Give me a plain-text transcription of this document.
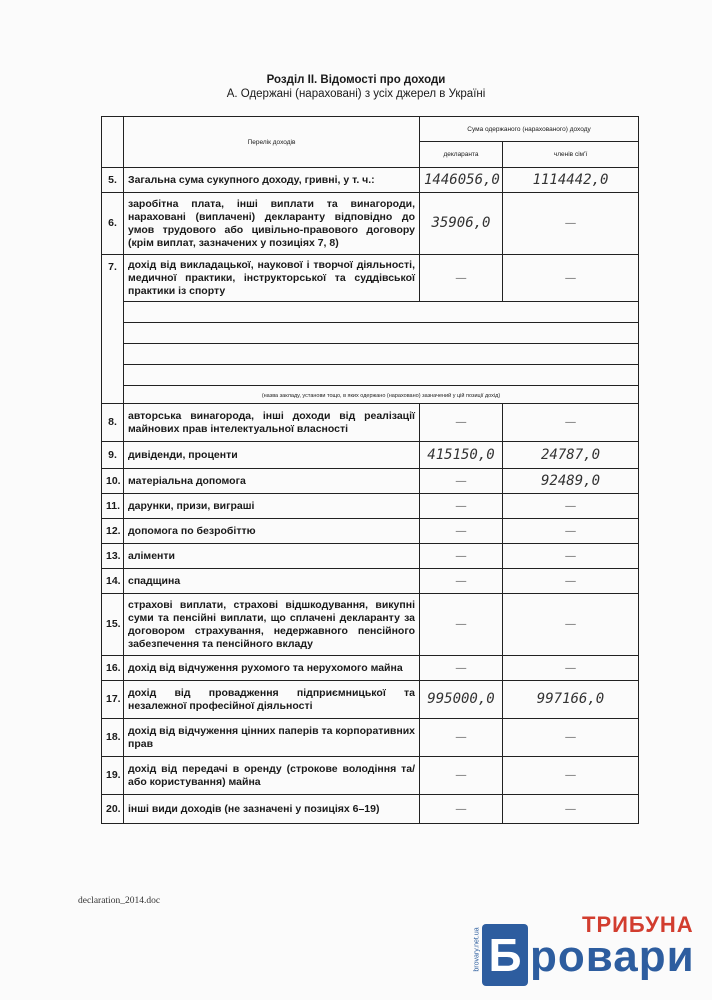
Розділ II. Відомості про доходи
А. Одержані (нараховані) з усіх джерел в Україні
	Перелік доходів	Сума одержаного (нарахованого) доходу	
		декларанта	членів сім'ї
5.	Загальна сума сукупного доходу, гривні, у т. ч.:	1446056,0	1114442,0
6.	заробітна плата, інші виплати та винагороди, нараховані (виплачені) декларанту відповідно до умов трудового або цивільно-правового договору (крім виплат, зазначених у позиціях 7, 8)	35906,0	—
7.	дохід від викладацької, наукової і творчої діяльності, медичної практики, інструкторської та суддівської практики із спорту	—	—

	(назва закладу, установи тощо, в яких одержано (нараховано) зазначений у цій позиції дохід)		
8.	авторська винагорода, інші доходи від реалізації майнових прав інтелектуальної власності	—	—
9.	дивіденди, проценти	415150,0	24787,0
10.	матеріальна допомога	—	92489,0
11.	дарунки, призи, виграші	—	—
12.	допомога по безробіттю	—	—
13.	аліменти	—	—
14.	спадщина	—	—
15.	страхові виплати, страхові відшкодування, викупні суми та пенсійні виплати, що сплачені декларанту за договором страхування, недержавного пенсійного забезпечення та пенсійного вкладу	—	—
16.	дохід від відчуження рухомого та нерухомого майна	—	—
17.	дохід від провадження підприємницької та незалежної професійної діяльності	995000,0	997166,0
18.	дохід від відчуження цінних паперів та корпоративних прав	—	—
19.	дохід від передачі в оренду (строкове володіння та/або користування) майна	—	—
20.	інші види доходів (не зазначені у позиціях 6–19)	—	—
declaration_2014.doc
brovary.net.ua
ТРИБУНА
Б ровари
